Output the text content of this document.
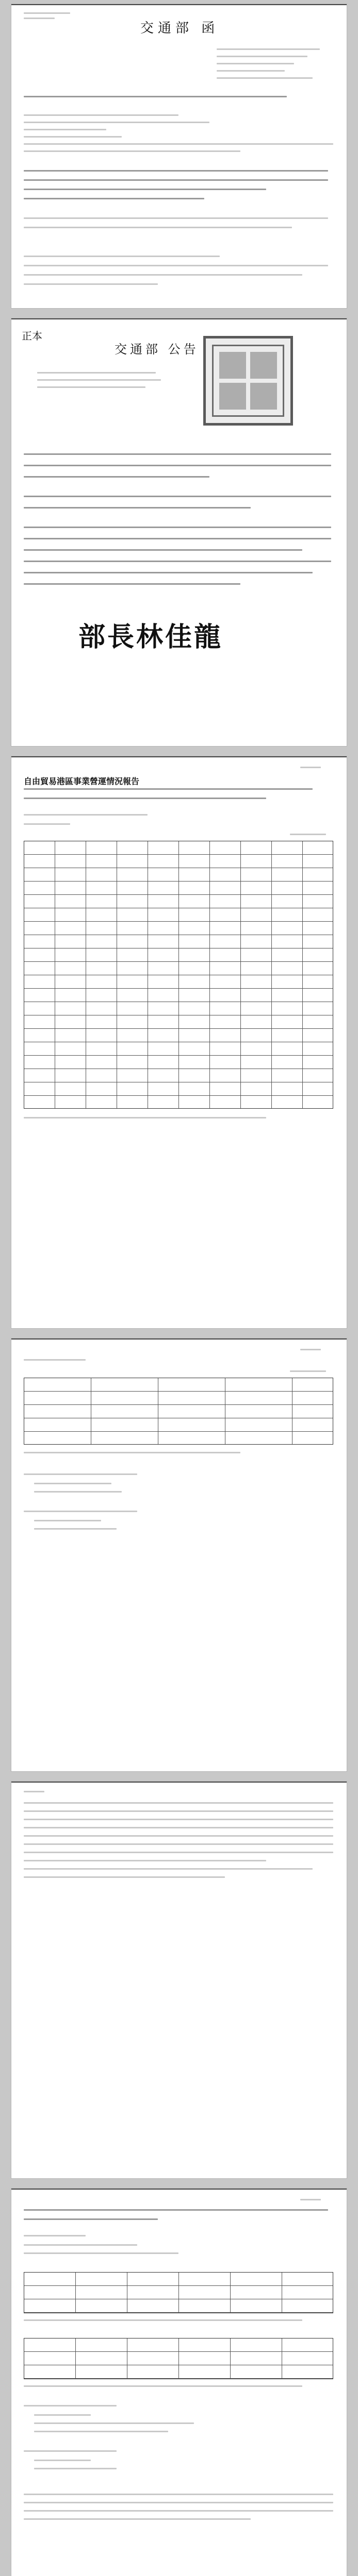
交通部 函
正本
交通部 公告
部長林佳龍
自由貿易港區事業營運情況報告
